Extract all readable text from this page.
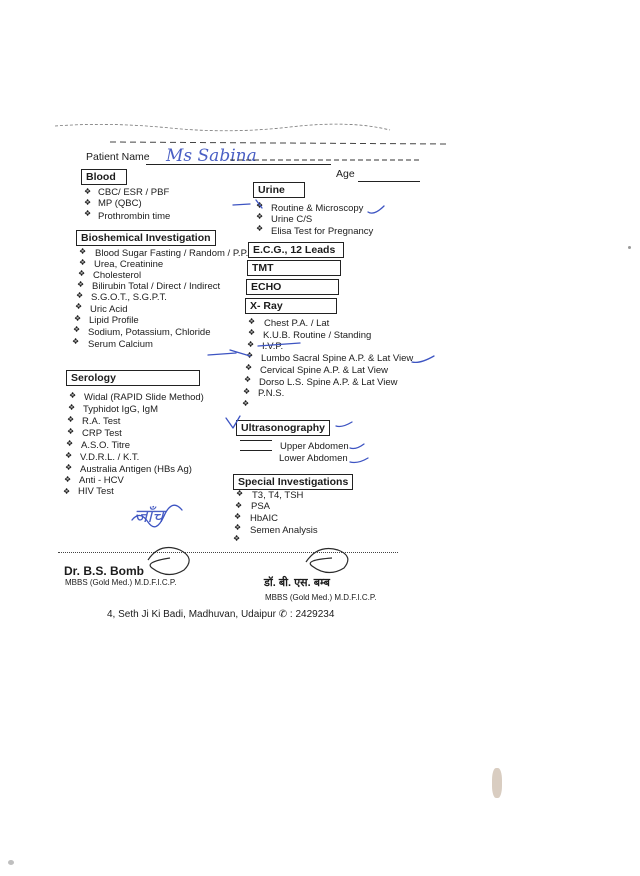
Patient Name Ms Sabina
Age
Blood
❖ CBC/ ESR / PBF
❖ MP (QBC)
❖ Prothrombin time
Bioshemical Investigation
❖ Blood Sugar Fasting / Random / P.P.
❖ Urea, Creatinine
❖ Cholesterol
❖ Bilirubin Total / Direct / Indirect
❖ S.G.O.T., S.G.P.T.
❖ Uric Acid
❖ Lipid Profile
❖ Sodium, Potassium, Chloride
❖ Serum Calcium
Serology
❖ Widal (RAPID Slide Method)
❖ Typhidot IgG, IgM
❖ R.A. Test
❖ CRP Test
❖ A.S.O. Titre
❖ V.D.R.L. / K.T.
❖ Australia Antigen (HBs Ag)
❖ Anti - HCV
❖ HIV Test
Urine
❖ Routine & Microscopy
❖ Urine C/S
❖ Elisa Test for Pregnancy
E.C.G., 12 Leads
TMT
ECHO
X- Ray
❖ Chest P.A. / Lat
❖ K.U.B. Routine / Standing
❖ I.V.P.
❖ Lumbo Sacral Spine A.P. & Lat View
❖ Cervical Spine A.P. & Lat View
❖ Dorso L.S. Spine A.P. & Lat View
❖ P.N.S.
❖
Ultrasonography
Upper Abdomen
Lower Abdomen
Special Investigations
❖ T3, T4, TSH
❖ PSA
❖ HbAIC
❖ Semen Analysis
❖
जाँच
Dr. B.S. Bomb
MBBS (Gold Med.) M.D.F.I.C.P.	डॉ. बी. एस. बम्ब
MBBS (Gold Med.) M.D.F.I.C.P.
4, Seth Ji Ki Badi, Madhuvan, Udaipur ✆ : 2429234
